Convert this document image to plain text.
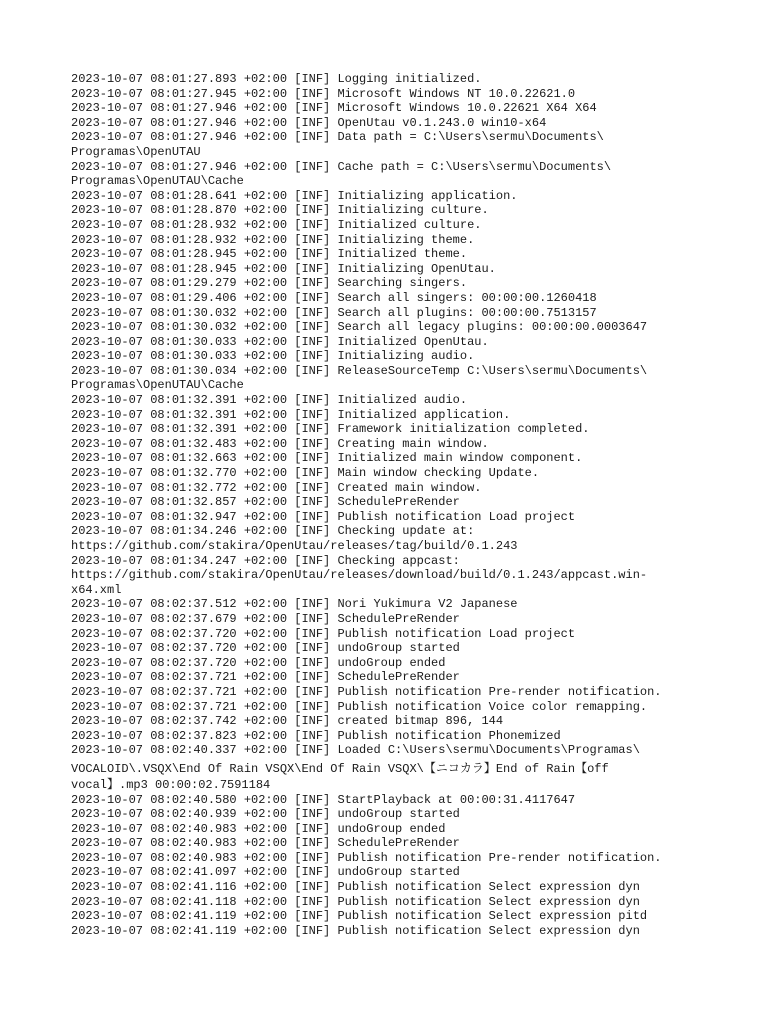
2023-10-07 08:01:27.893 +02:00 [INF] Logging initialized.
2023-10-07 08:01:27.945 +02:00 [INF] Microsoft Windows NT 10.0.22621.0
2023-10-07 08:01:27.946 +02:00 [INF] Microsoft Windows 10.0.22621 X64 X64
2023-10-07 08:01:27.946 +02:00 [INF] OpenUtau v0.1.243.0 win10-x64
2023-10-07 08:01:27.946 +02:00 [INF] Data path = C:\Users\sermu\Documents\
Programas\OpenUTAU
2023-10-07 08:01:27.946 +02:00 [INF] Cache path = C:\Users\sermu\Documents\
Programas\OpenUTAU\Cache
2023-10-07 08:01:28.641 +02:00 [INF] Initializing application.
2023-10-07 08:01:28.870 +02:00 [INF] Initializing culture.
2023-10-07 08:01:28.932 +02:00 [INF] Initialized culture.
2023-10-07 08:01:28.932 +02:00 [INF] Initializing theme.
2023-10-07 08:01:28.945 +02:00 [INF] Initialized theme.
2023-10-07 08:01:28.945 +02:00 [INF] Initializing OpenUtau.
2023-10-07 08:01:29.279 +02:00 [INF] Searching singers.
2023-10-07 08:01:29.406 +02:00 [INF] Search all singers: 00:00:00.1260418
2023-10-07 08:01:30.032 +02:00 [INF] Search all plugins: 00:00:00.7513157
2023-10-07 08:01:30.032 +02:00 [INF] Search all legacy plugins: 00:00:00.0003647
2023-10-07 08:01:30.033 +02:00 [INF] Initialized OpenUtau.
2023-10-07 08:01:30.033 +02:00 [INF] Initializing audio.
2023-10-07 08:01:30.034 +02:00 [INF] ReleaseSourceTemp C:\Users\sermu\Documents\
Programas\OpenUTAU\Cache
2023-10-07 08:01:32.391 +02:00 [INF] Initialized audio.
2023-10-07 08:01:32.391 +02:00 [INF] Initialized application.
2023-10-07 08:01:32.391 +02:00 [INF] Framework initialization completed.
2023-10-07 08:01:32.483 +02:00 [INF] Creating main window.
2023-10-07 08:01:32.663 +02:00 [INF] Initialized main window component.
2023-10-07 08:01:32.770 +02:00 [INF] Main window checking Update.
2023-10-07 08:01:32.772 +02:00 [INF] Created main window.
2023-10-07 08:01:32.857 +02:00 [INF] SchedulePreRender
2023-10-07 08:01:32.947 +02:00 [INF] Publish notification Load project
2023-10-07 08:01:34.246 +02:00 [INF] Checking update at:
https://github.com/stakira/OpenUtau/releases/tag/build/0.1.243
2023-10-07 08:01:34.247 +02:00 [INF] Checking appcast:
https://github.com/stakira/OpenUtau/releases/download/build/0.1.243/appcast.win-
x64.xml
2023-10-07 08:02:37.512 +02:00 [INF] Nori Yukimura V2 Japanese
2023-10-07 08:02:37.679 +02:00 [INF] SchedulePreRender
2023-10-07 08:02:37.720 +02:00 [INF] Publish notification Load project
2023-10-07 08:02:37.720 +02:00 [INF] undoGroup started
2023-10-07 08:02:37.720 +02:00 [INF] undoGroup ended
2023-10-07 08:02:37.721 +02:00 [INF] SchedulePreRender
2023-10-07 08:02:37.721 +02:00 [INF] Publish notification Pre-render notification.
2023-10-07 08:02:37.721 +02:00 [INF] Publish notification Voice color remapping.
2023-10-07 08:02:37.742 +02:00 [INF] created bitmap 896, 144
2023-10-07 08:02:37.823 +02:00 [INF] Publish notification Phonemized
2023-10-07 08:02:40.337 +02:00 [INF] Loaded C:\Users\sermu\Documents\Programas\
VOCALOID\.VSQX\End Of Rain VSQX\End Of Rain VSQX\【ニコカラ】End of Rain【off
vocal】.mp3 00:00:02.7591184
2023-10-07 08:02:40.580 +02:00 [INF] StartPlayback at 00:00:31.4117647
2023-10-07 08:02:40.939 +02:00 [INF] undoGroup started
2023-10-07 08:02:40.983 +02:00 [INF] undoGroup ended
2023-10-07 08:02:40.983 +02:00 [INF] SchedulePreRender
2023-10-07 08:02:40.983 +02:00 [INF] Publish notification Pre-render notification.
2023-10-07 08:02:41.097 +02:00 [INF] undoGroup started
2023-10-07 08:02:41.116 +02:00 [INF] Publish notification Select expression dyn
2023-10-07 08:02:41.118 +02:00 [INF] Publish notification Select expression dyn
2023-10-07 08:02:41.119 +02:00 [INF] Publish notification Select expression pitd
2023-10-07 08:02:41.119 +02:00 [INF] Publish notification Select expression dyn
